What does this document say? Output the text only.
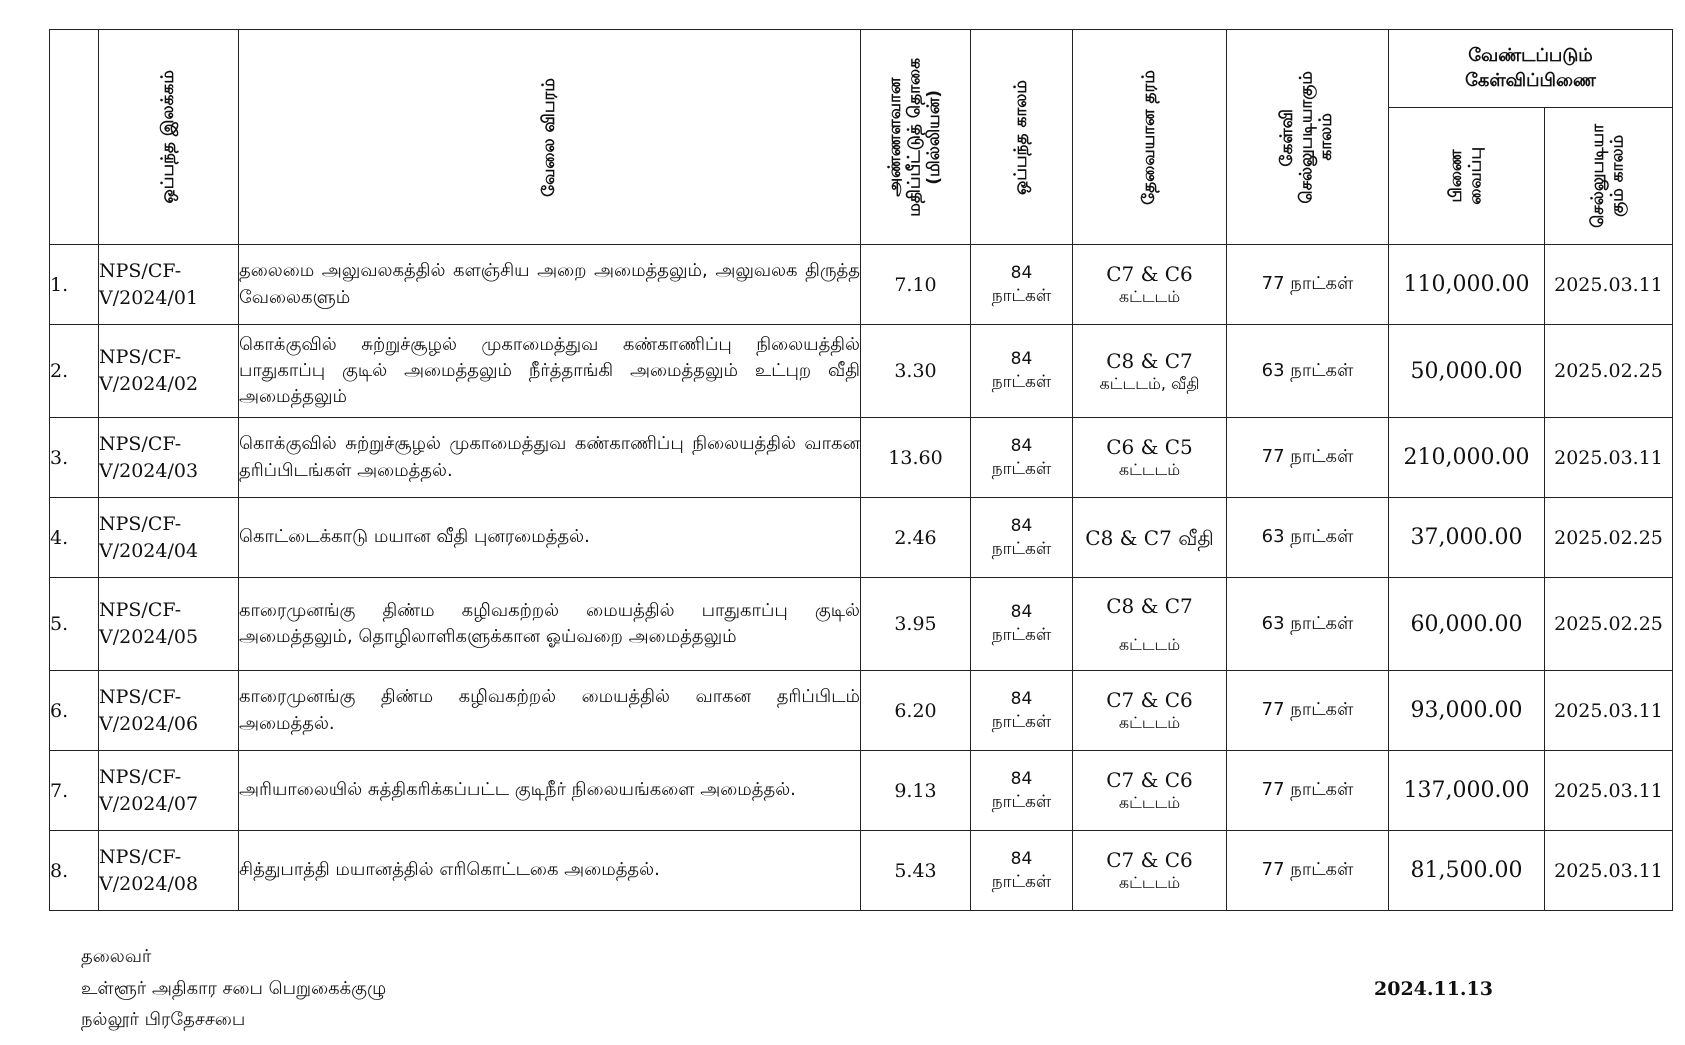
	ஒப்பந்த இலக்கம்	வேலை விபரம்	அண்ணளவான
மதிப்பீட்டுத் தொகை
(மில்லியன்)	ஒப்பந்த காலம்	தேவையான தரம்	கேள்வி
செல்லுபடியாகும்
காலம்	வேண்டப்படும்
கேள்விப்பிணை	

							பிணை
வைப்பு	செல்லுபடியா
கும் காலம்

1.	NPS/CF-
V/2024/01	தலைமை அலுவலகத்தில் களஞ்சிய அறை அமைத்தலும், அலுவலக திருத்த வேலைகளும்	7.10	84
நாட்கள்	C7 & C6
கட்டடம்	77 நாட்கள்	110,000.00	2025.03.11
2.	NPS/CF-
V/2024/02	கொக்குவில் சுற்றுச்சூழல் முகாமைத்துவ கண்காணிப்பு நிலையத்தில் பாதுகாப்பு குடில் அமைத்தலும் நீர்த்தாங்கி அமைத்தலும் உட்புற வீதி அமைத்தலும்	3.30	84
நாட்கள்	C8 & C7
கட்டடம், வீதி	63 நாட்கள்	50,000.00	2025.02.25
3.	NPS/CF-
V/2024/03	கொக்குவில் சுற்றுச்சூழல் முகாமைத்துவ கண்காணிப்பு நிலையத்தில் வாகன தரிப்பிடங்கள் அமைத்தல்.	13.60	84
நாட்கள்	C6 & C5
கட்டடம்	77 நாட்கள்	210,000.00	2025.03.11
4.	NPS/CF-
V/2024/04	கொட்டைக்காடு மயான வீதி புனரமைத்தல்.	2.46	84
நாட்கள்	C8 & C7 வீதி	63 நாட்கள்	37,000.00	2025.02.25
5.	NPS/CF-
V/2024/05	காரைமுனங்கு திண்ம கழிவகற்றல் மையத்தில் பாதுகாப்பு குடில் அமைத்தலும், தொழிலாளிகளுக்கான ஓய்வறை அமைத்தலும்	3.95	84
நாட்கள்	C8 & C7
கட்டடம்	63 நாட்கள்	60,000.00	2025.02.25
6.	NPS/CF-
V/2024/06	காரைமுனங்கு திண்ம கழிவகற்றல் மையத்தில் வாகன தரிப்பிடம் அமைத்தல்.	6.20	84
நாட்கள்	C7 & C6
கட்டடம்	77 நாட்கள்	93,000.00	2025.03.11
7.	NPS/CF-
V/2024/07	அரியாலையில் சுத்திகரிக்கப்பட்ட குடிநீர் நிலையங்களை அமைத்தல்.	9.13	84
நாட்கள்	C7 & C6
கட்டடம்	77 நாட்கள்	137,000.00	2025.03.11
8.	NPS/CF-
V/2024/08	சித்துபாத்தி மயானத்தில் எரிகொட்டகை அமைத்தல்.	5.43	84
நாட்கள்	C7 & C6
கட்டடம்	77 நாட்கள்	81,500.00	2025.03.11
தலைவர்
உள்ளூர் அதிகார சபை பெறுகைக்குழு
நல்லூர் பிரதேசசபை
2024.11.13
